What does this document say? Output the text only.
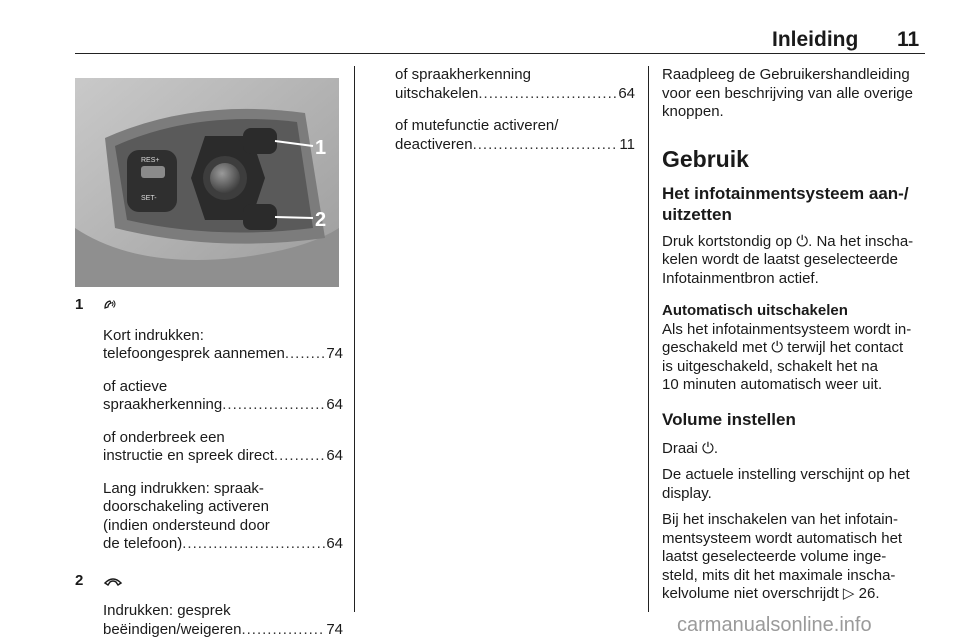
Inleiding 11
RES+
SET-
1
2
1

Kort indrukken:

telefoongesprek aannemen .....	74

of actieve

spraakherkenning .....	64

of onderbreek een

instructie en spreek direct .....	64

Lang indrukken: spraak-

doorschakeling activeren

(indien ondersteund door

de telefoon) .....	64
2

Indrukken: gesprek

beëindigen/weigeren .....	74

of spraakherkenning

uitschakelen .....	64

of mutefunctie activeren/

deactiveren .....	11

Raadpleeg de Gebruikershandleiding

voor een beschrijving van alle overige

knoppen.

Gebruik
Het infotainmentsysteem aan-/
uitzetten

Druk kortstondig op ⏻. Na het inscha-

kelen wordt de laatst geselecteerde

Infotainmentbron actief.

Automatisch uitschakelen

Als het infotainmentsysteem wordt in-

geschakeld met ⏻ terwijl het contact

is uitgeschakeld, schakelt het na

10 minuten automatisch weer uit.

Volume instellen

Draai ⏻.

De actuele instelling verschijnt op het

display.

Bij het inschakelen van het infotain-

mentsysteem wordt automatisch het

laatst geselecteerde volume inge-

steld, mits dit het maximale inscha-

kelvolume niet overschrijdt ▷ 26.

carmanualsonline.info
